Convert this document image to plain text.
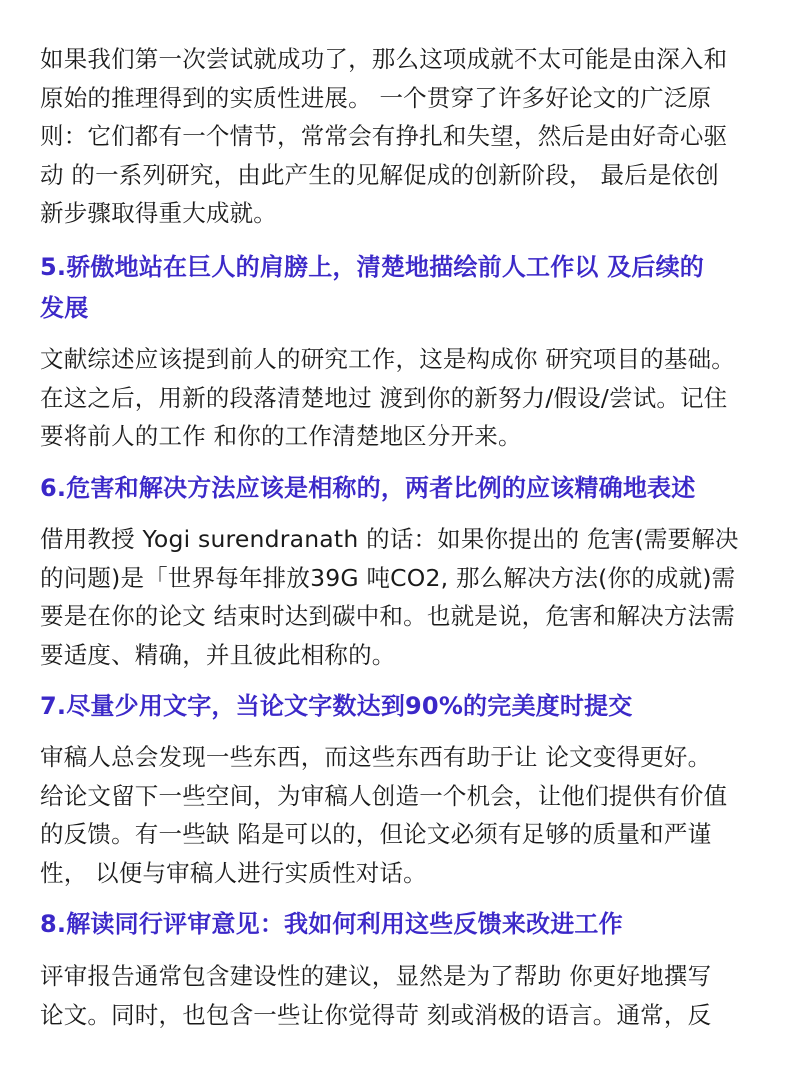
如果我们第一次尝试就成功了，那么这项成就不太可能是由深入和
原始的推理得到的实质性进展。 一个贯穿了许多好论文的广泛原
则：它们都有一个情节，常常会有挣扎和失望，然后是由好奇心驱
动 的一系列研究，由此产生的见解促成的创新阶段， 最后是依创
新步骤取得重大成就。
5.骄傲地站在巨人的肩膀上，清楚地描绘前人工作以 及后续的
发展
文献综述应该提到前人的研究工作，这是构成你 研究项目的基础。
在这之后，用新的段落清楚地过 渡到你的新努力/假设/尝试。记住
要将前人的工作 和你的工作清楚地区分开来。
6.危害和解决方法应该是相称的，两者比例的应该精确地表述
借用教授 Yogi surendranath 的话：如果你提出的 危害(需要解决
的问题)是「世界每年排放39G 吨CO2, 那么解决方法(你的成就)需
要是在你的论文 结束时达到碳中和。也就是说，危害和解决方法需
要适度、精确，并且彼此相称的。
7.尽量少用文字，当论文字数达到90%的完美度时提交
审稿人总会发现一些东西，而这些东西有助于让 论文变得更好。
给论文留下一些空间，为审稿人创造一个机会，让他们提供有价值
的反馈。有一些缺 陷是可以的，但论文必须有足够的质量和严谨
性， 以便与审稿人进行实质性对话。
8.解读同行评审意见：我如何利用这些反馈来改进工作
评审报告通常包含建设性的建议，显然是为了帮助 你更好地撰写
论文。同时，也包含一些让你觉得苛 刻或消极的语言。通常，反
